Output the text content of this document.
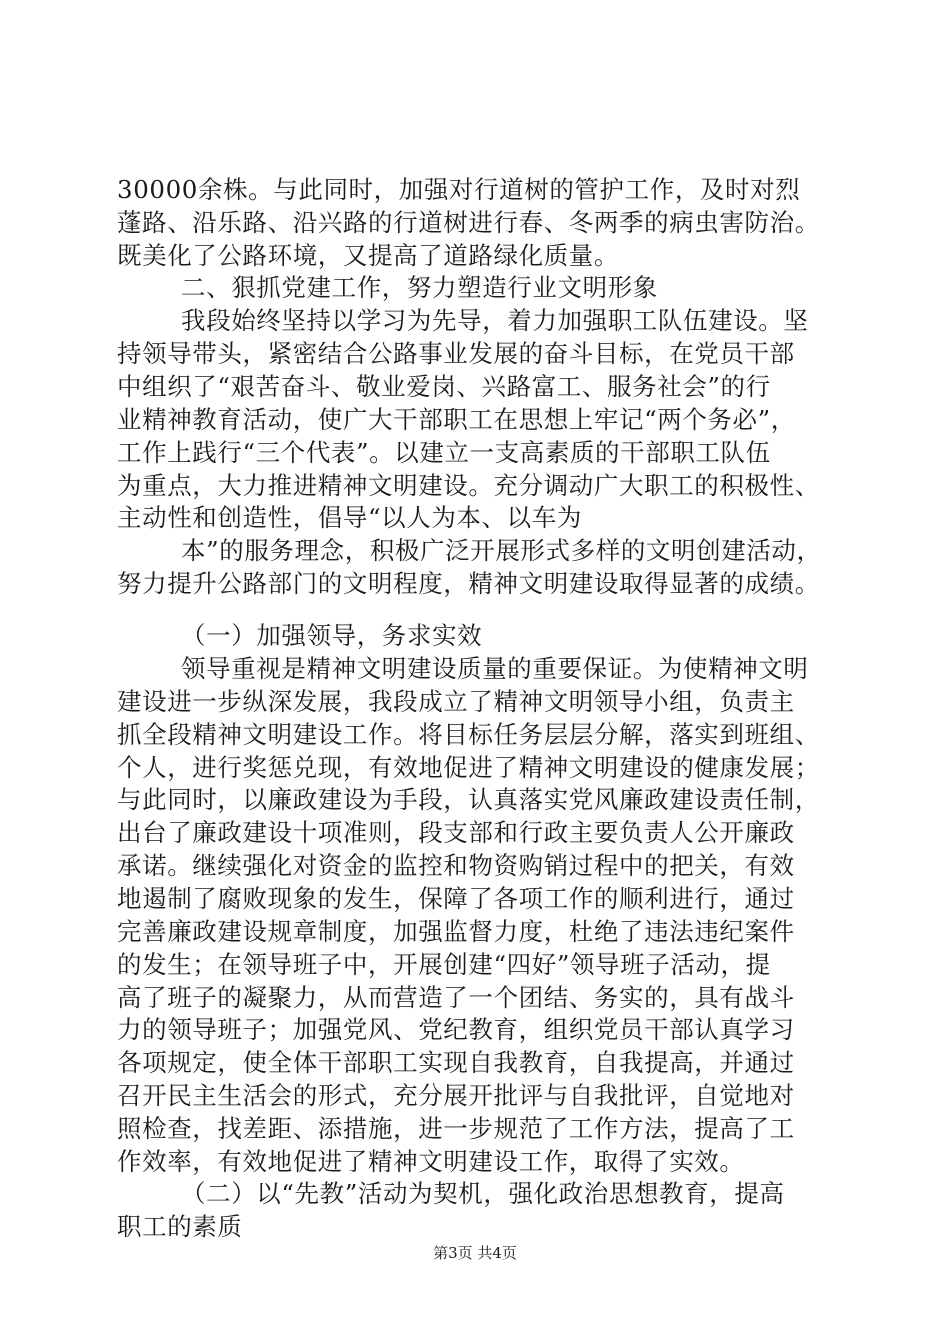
30000余株。与此同时，加强对行道树的管护工作，及时对烈
蓬路、沿乐路、沿兴路的行道树进行春、冬两季的病虫害防治。
既美化了公路环境，又提高了道路绿化质量。
二、狠抓党建工作，努力塑造行业文明形象
我段始终坚持以学习为先导，着力加强职工队伍建设。坚
持领导带头，紧密结合公路事业发展的奋斗目标，在党员干部
中组织了“艰苦奋斗、敬业爱岗、兴路富工、服务社会”的行
业精神教育活动，使广大干部职工在思想上牢记“两个务必”，
工作上践行“三个代表”。以建立一支高素质的干部职工队伍
为重点，大力推进精神文明建设。充分调动广大职工的积极性、
主动性和创造性，倡导“以人为本、以车为
本”的服务理念，积极广泛开展形式多样的文明创建活动，
努力提升公路部门的文明程度，精神文明建设取得显著的成绩。
（一）加强领导，务求实效
领导重视是精神文明建设质量的重要保证。为使精神文明
建设进一步纵深发展，我段成立了精神文明领导小组，负责主
抓全段精神文明建设工作。将目标任务层层分解，落实到班组、
个人，进行奖惩兑现，有效地促进了精神文明建设的健康发展；
与此同时，以廉政建设为手段，认真落实党风廉政建设责任制，
出台了廉政建设十项准则，段支部和行政主要负责人公开廉政
承诺。继续强化对资金的监控和物资购销过程中的把关，有效
地遏制了腐败现象的发生，保障了各项工作的顺利进行，通过
完善廉政建设规章制度，加强监督力度，杜绝了违法违纪案件
的发生；在领导班子中，开展创建“四好”领导班子活动，提
高了班子的凝聚力，从而营造了一个团结、务实的，具有战斗
力的领导班子；加强党风、党纪教育，组织党员干部认真学习
各项规定，使全体干部职工实现自我教育，自我提高，并通过
召开民主生活会的形式，充分展开批评与自我批评，自觉地对
照检查，找差距、添措施，进一步规范了工作方法，提高了工
作效率，有效地促进了精神文明建设工作，取得了实效。
（二）以“先教”活动为契机，强化政治思想教育，提高
职工的素质
第3页 共4页
